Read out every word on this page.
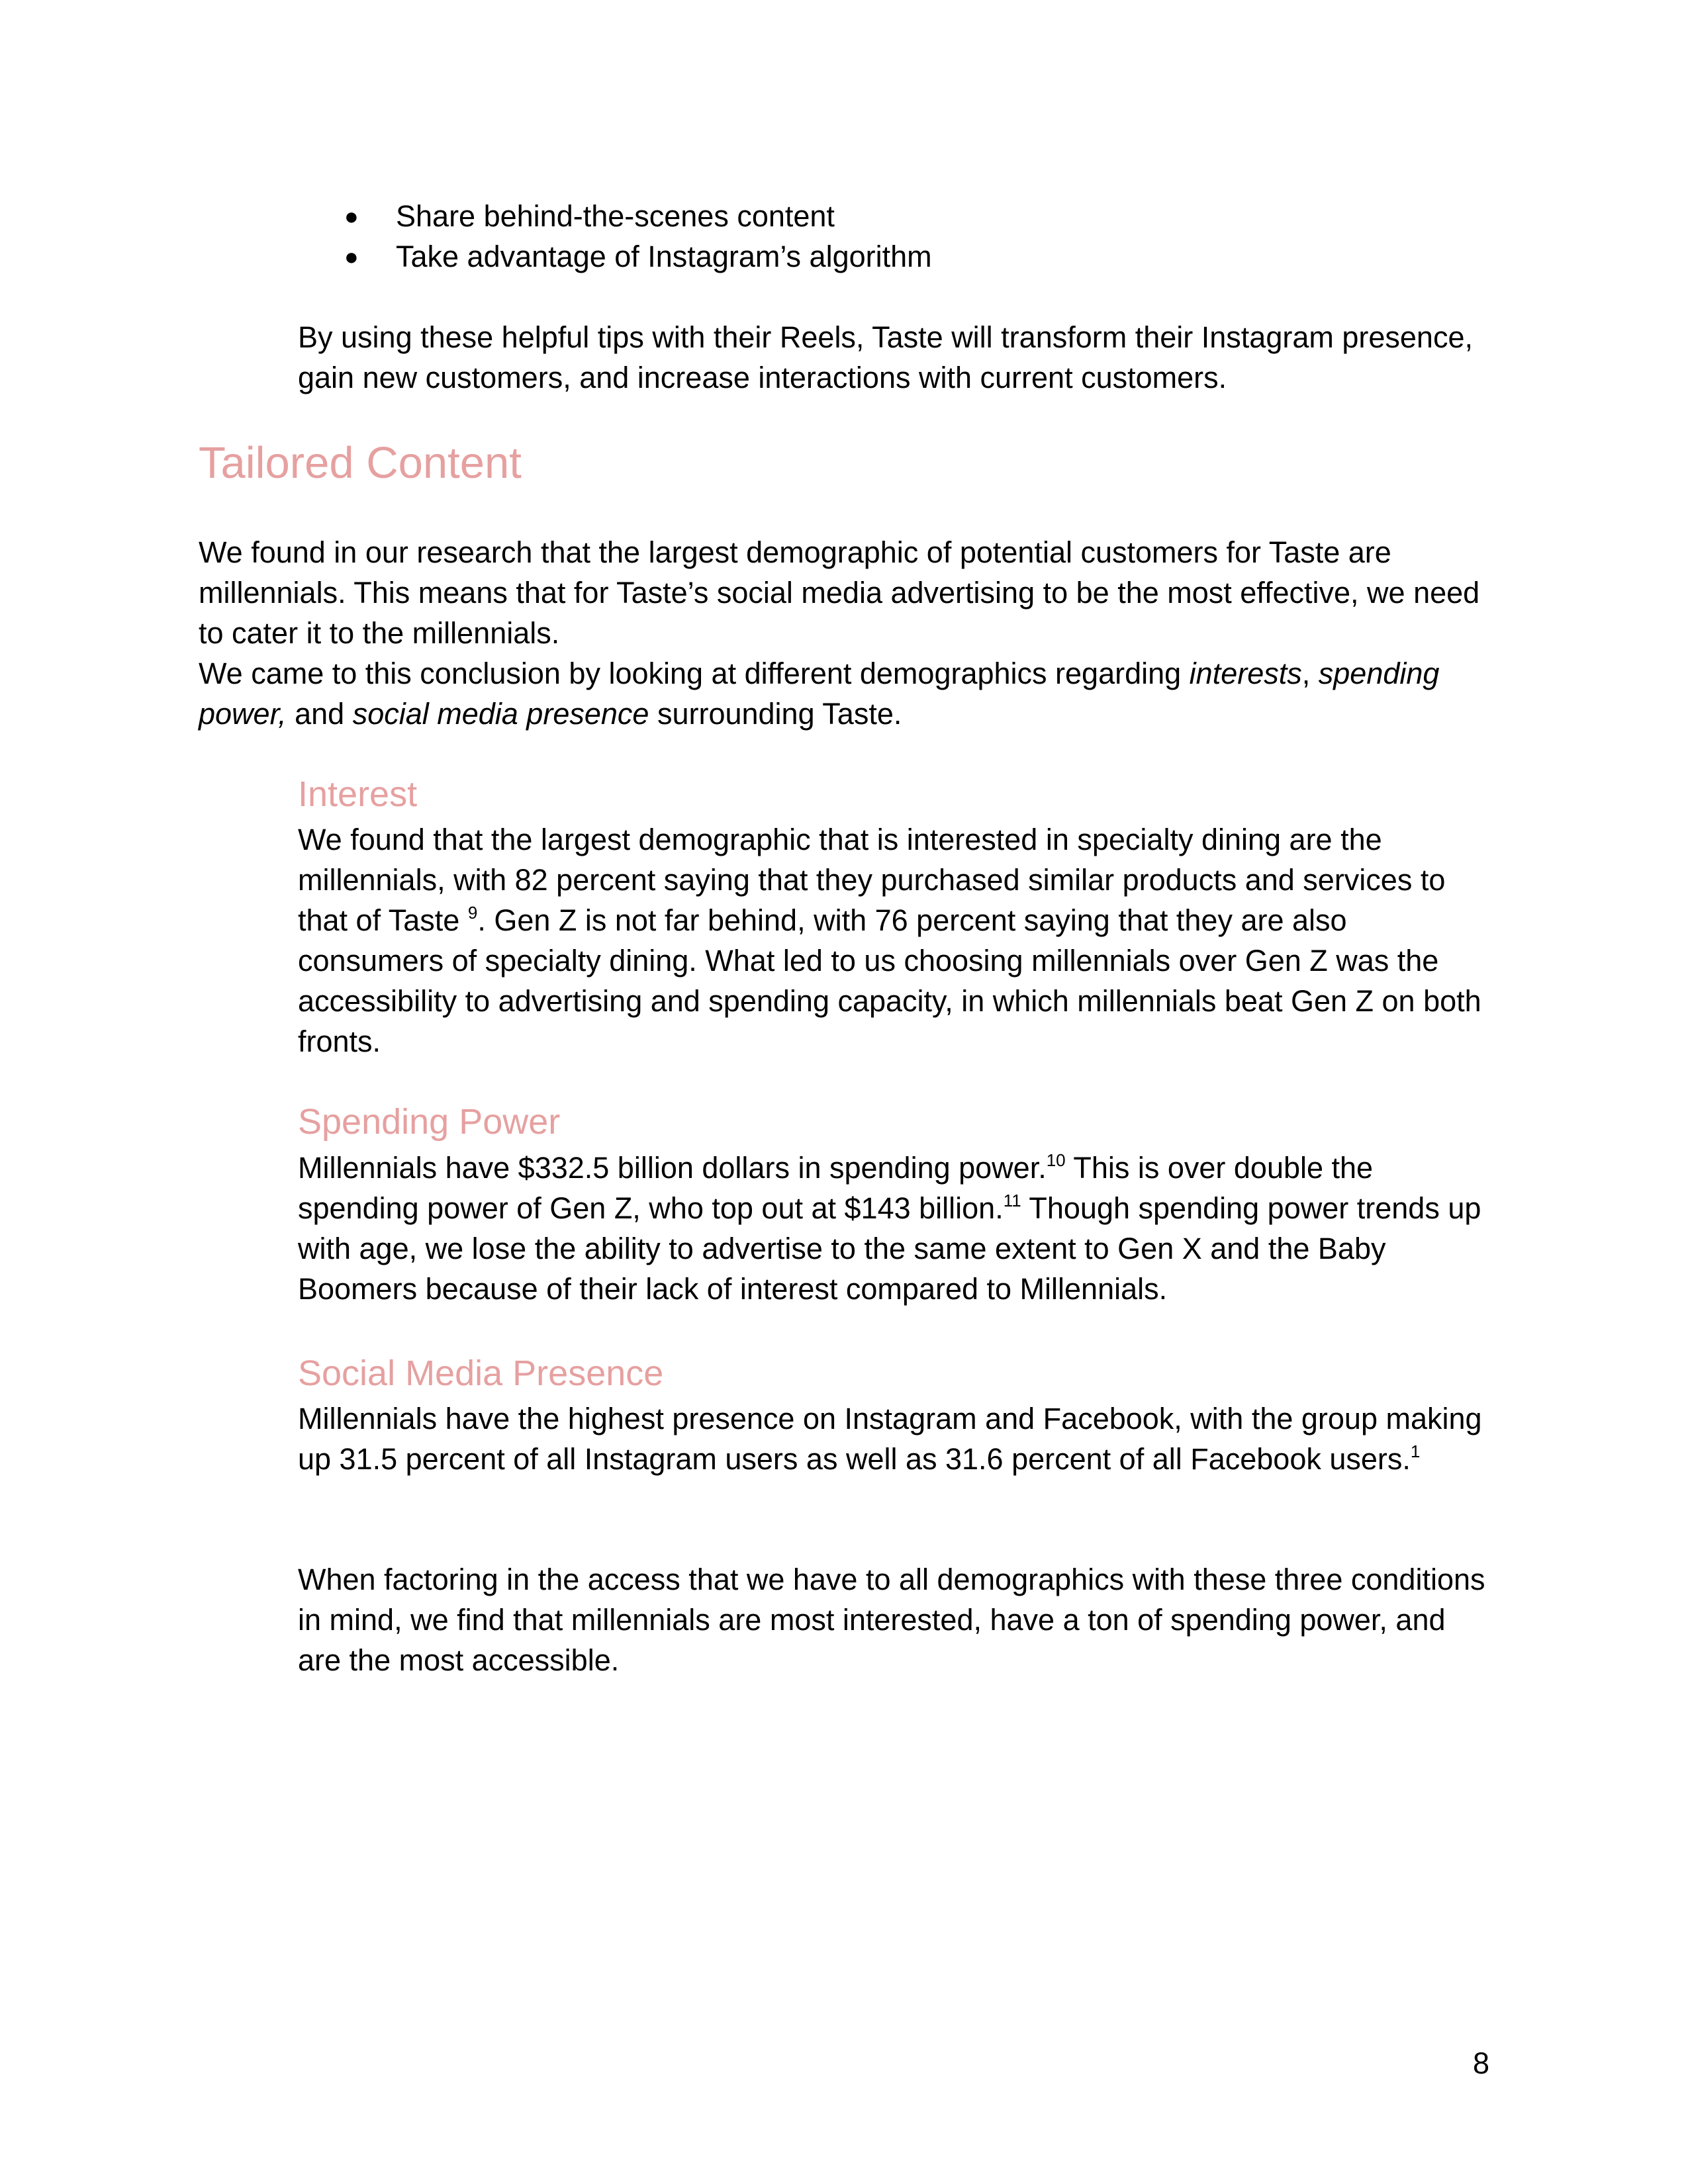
● Share behind-the-scenes content
● Take advantage of Instagram’s algorithm

By using these helpful tips with their Reels, Taste will transform their Instagram presence, gain new customers, and increase interactions with current customers.

Tailored Content

We found in our research that the largest demographic of potential customers for Taste are millennials. This means that for Taste’s social media advertising to be the most effective, we need to cater it to the millennials.

We came to this conclusion by looking at different demographics regarding interests, spending power, and social media presence surrounding Taste.

Interest

We found that the largest demographic that is interested in specialty dining are the millennials, with 82 percent saying that they purchased similar products and services to that of Taste $^9$. Gen Z is not far behind, with 76 percent saying that they are also consumers of specialty dining. What led to us choosing millennials over Gen Z was the accessibility to advertising and spending capacity, in which millennials beat Gen Z on both fronts.

Spending Power

Millennials have $332.5 billion dollars in spending power.$^{10}$ This is over double the spending power of Gen Z, who top out at $143 billion.$^{11}$ Though spending power trends up with age, we lose the ability to advertise to the same extent to Gen X and the Baby Boomers because of their lack of interest compared to Millennials.

Social Media Presence

Millennials have the highest presence on Instagram and Facebook, with the group making up 31.5 percent of all Instagram users as well as 31.6 percent of all Facebook users.$^1$

When factoring in the access that we have to all demographics with these three conditions in mind, we find that millennials are most interested, have a ton of spending power, and are the most accessible.

8
